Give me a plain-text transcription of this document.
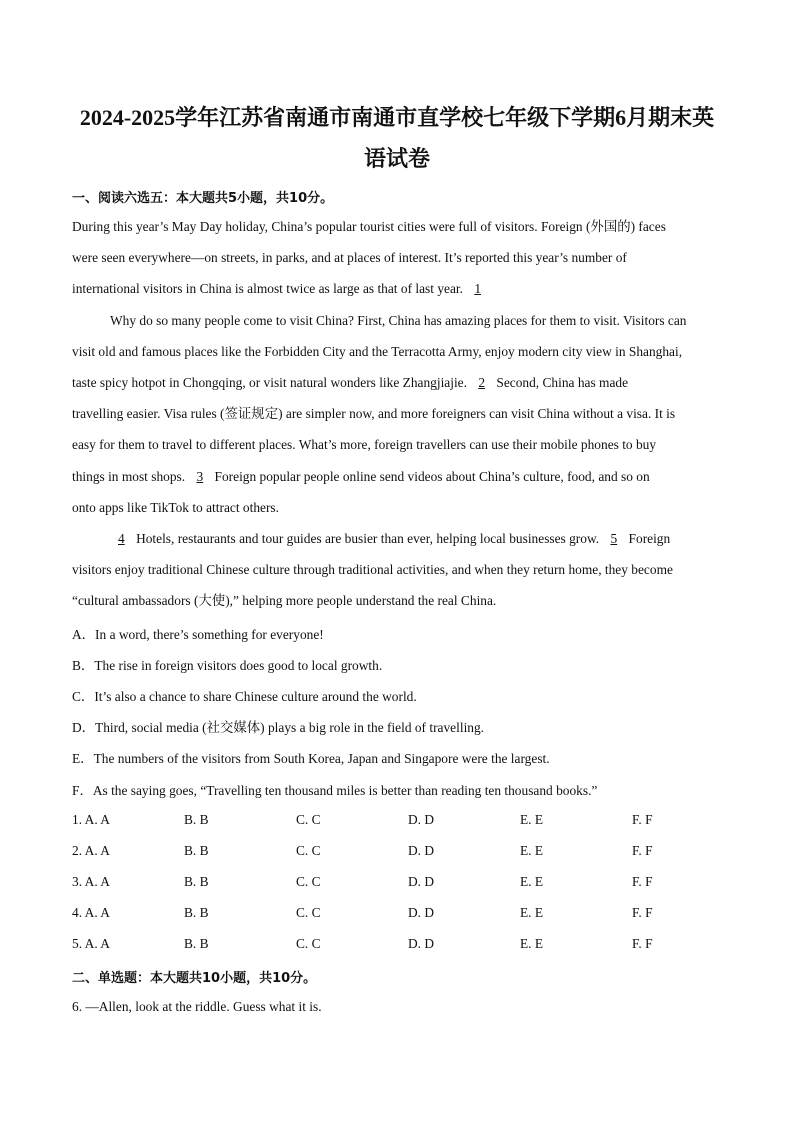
2024-2025学年江苏省南通市南通市直学校七年级下学期6月期末英
语试卷
一、阅读六选五：本大题共5小题，共10分。
During this year’s May Day holiday, China’s popular tourist cities were full of visitors. Foreign (外国的) faces
were seen everywhere—on streets, in parks, and at places of interest. It’s reported this year’s number of
international visitors in China is almost twice as large as that of last year. 1
Why do so many people come to visit China? First, China has amazing places for them to visit. Visitors can
visit old and famous places like the Forbidden City and the Terracotta Army, enjoy modern city view in Shanghai,
taste spicy hotpot in Chongqing, or visit natural wonders like Zhangjiajie. 2 Second, China has made
travelling easier. Visa rules (签证规定) are simpler now, and more foreigners can visit China without a visa. It is
easy for them to travel to different places. What’s more, foreign travellers can use their mobile phones to buy
things in most shops. 3 Foreign popular people online send videos about China’s culture, food, and so on
onto apps like TikTok to attract others.
4 Hotels, restaurants and tour guides are busier than ever, helping local businesses grow. 5 Foreign
visitors enjoy traditional Chinese culture through traditional activities, and when they return home, they become
“cultural ambassadors (大使),” helping more people understand the real China.
A．In a word, there’s something for everyone!
B．The rise in foreign visitors does good to local growth.
C．It’s also a chance to share Chinese culture around the world.
D．Third, social media (社交媒体) plays a big role in the field of travelling.
E．The numbers of the visitors from South Korea, Japan and Singapore were the largest.
F．As the saying goes, “Travelling ten thousand miles is better than reading ten thousand books.”
1. A. A	B. B	C. C	D. D	E. E	F. F
2. A. A	B. B	C. C	D. D	E. E	F. F
3. A. A	B. B	C. C	D. D	E. E	F. F
4. A. A	B. B	C. C	D. D	E. E	F. F
5. A. A	B. B	C. C	D. D	E. E	F. F
二、单选题：本大题共10小题，共10分。
6. —Allen, look at the riddle. Guess what it is.
